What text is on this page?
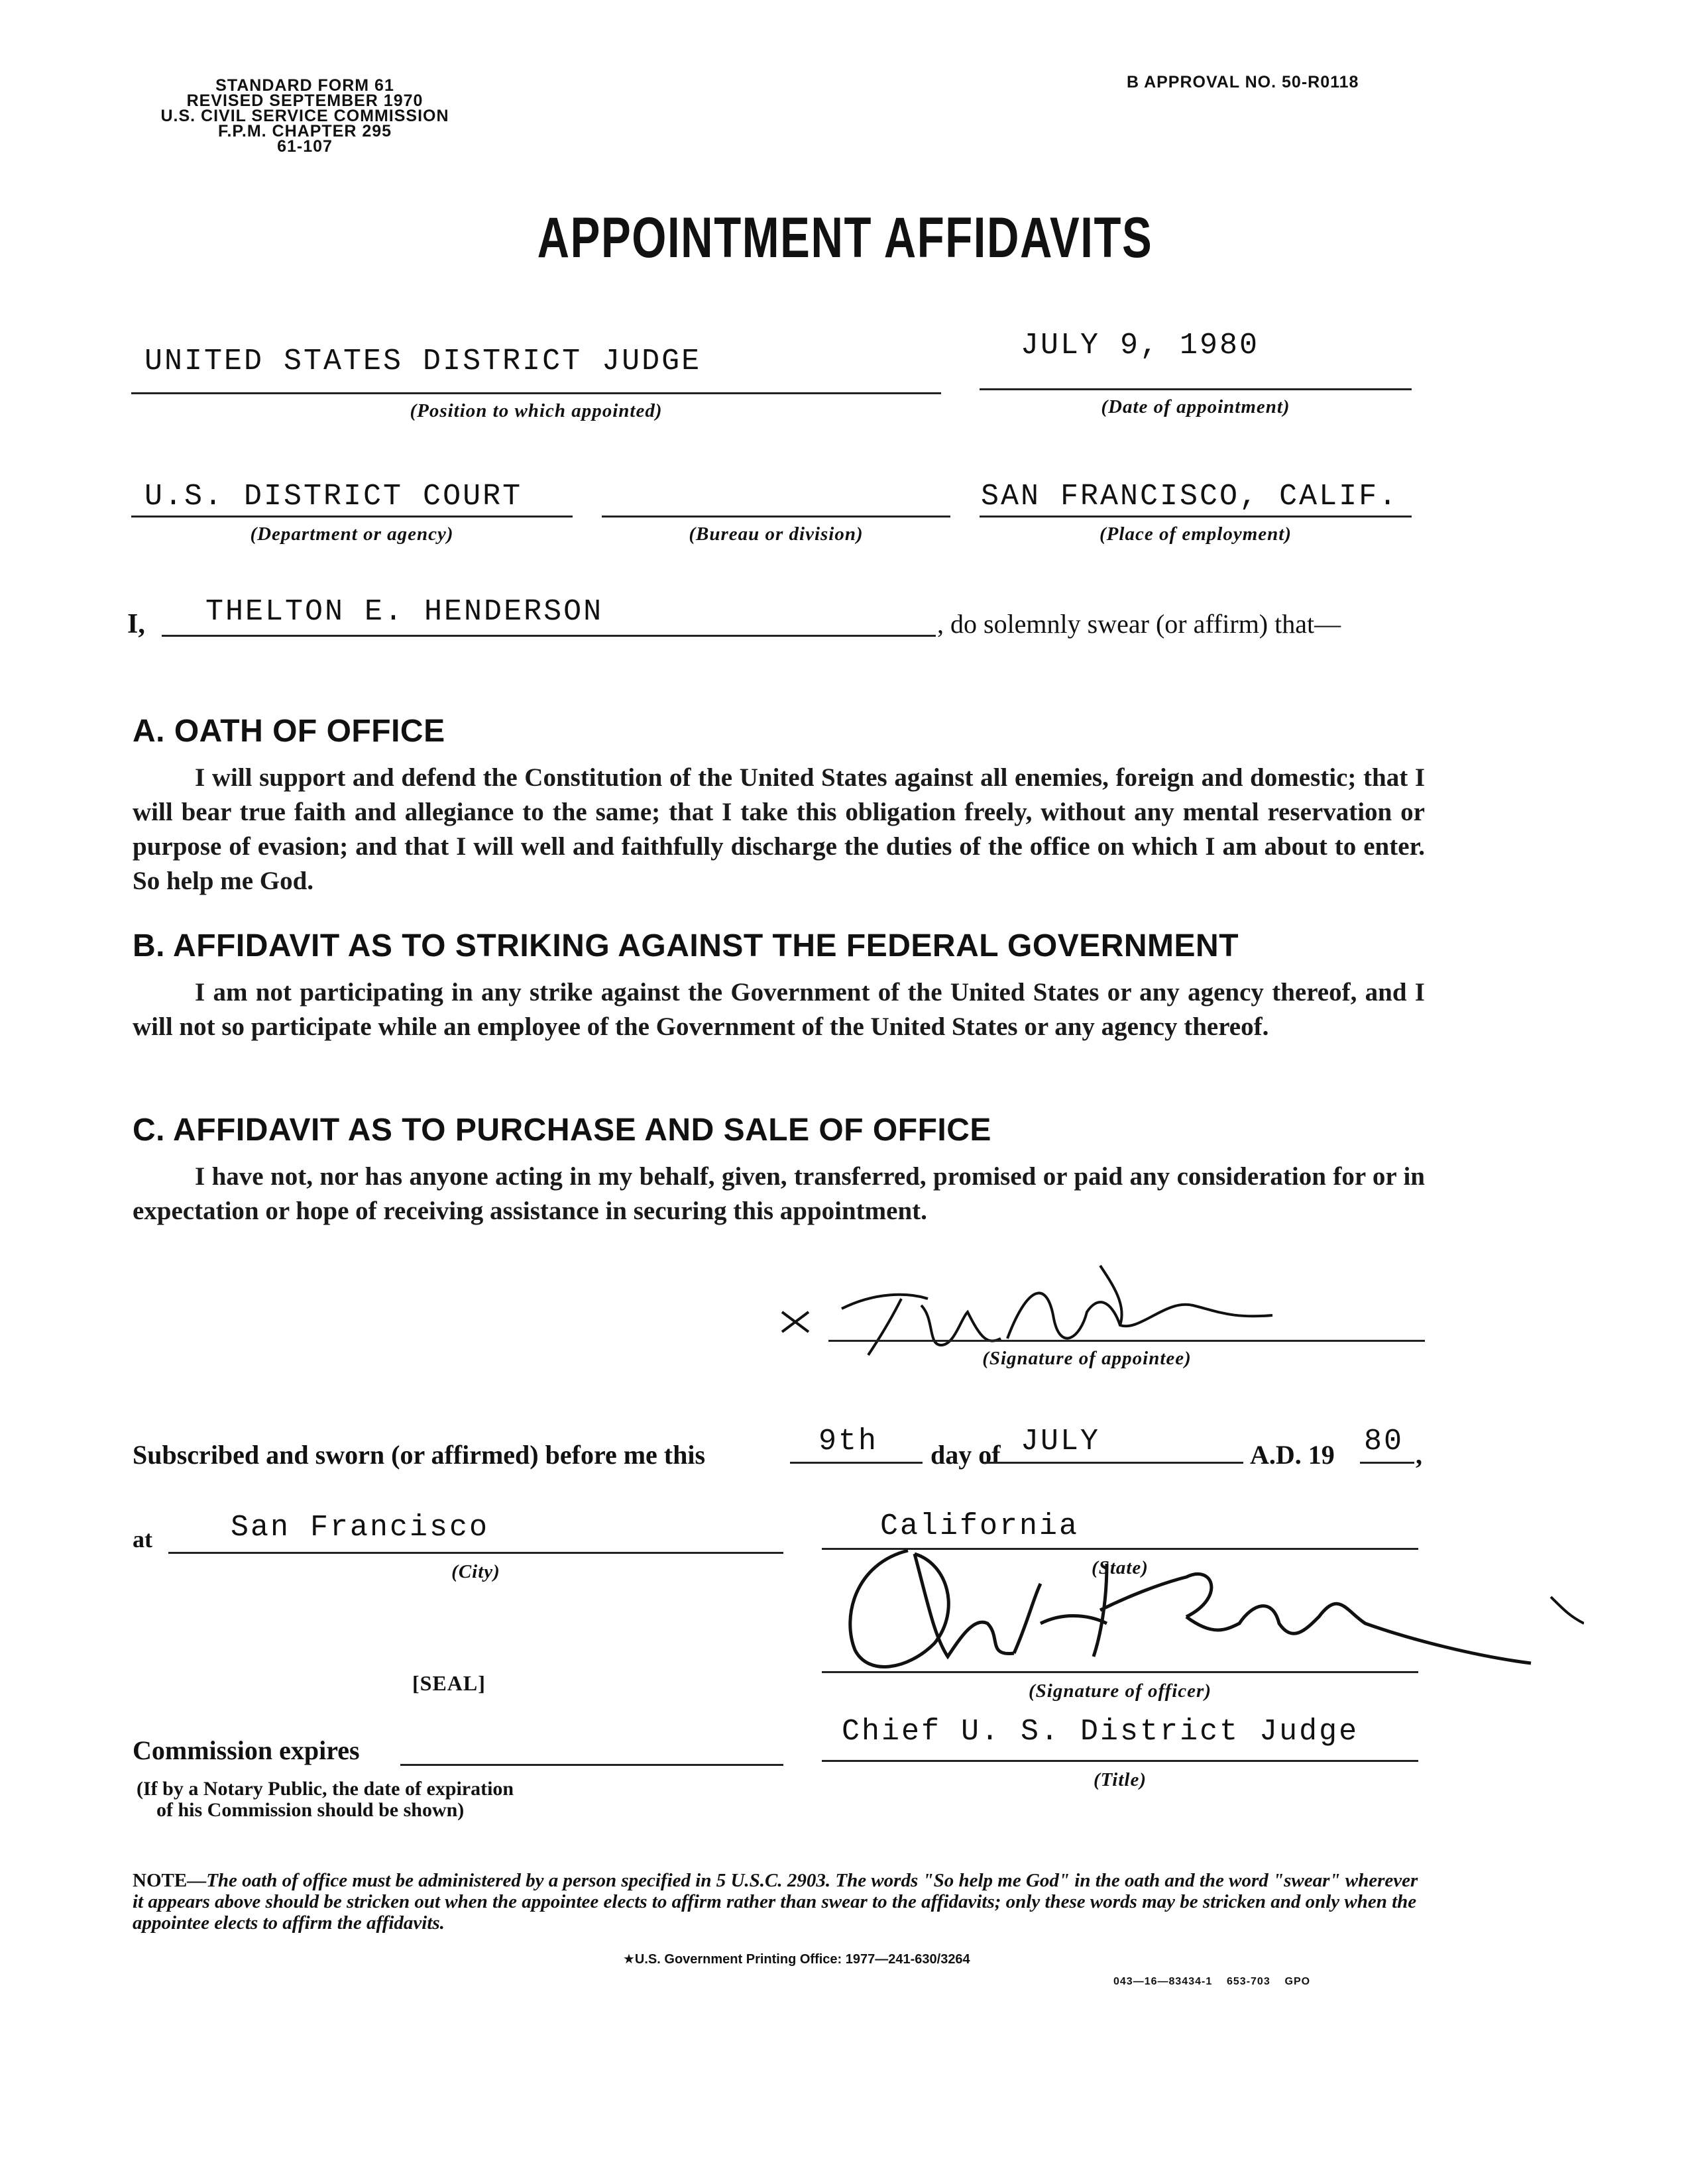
STANDARD FORM 61
REVISED SEPTEMBER 1970
U.S. CIVIL SERVICE COMMISSION
F.P.M. CHAPTER 295
61-107
B APPROVAL NO. 50-R0118
APPOINTMENT AFFIDAVITS
UNITED STATES DISTRICT JUDGE
(Position to which appointed)
JULY 9, 1980
(Date of appointment)
U.S. DISTRICT COURT
(Department or agency)	(Bureau or division)
SAN FRANCISCO, CALIF.
(Place of employment)
I, THELTON E. HENDERSON	, do solemnly swear (or affirm) that—
A. OATH OF OFFICE
I will support and defend the Constitution of the United States against all enemies, foreign and domestic; that I will bear true faith and allegiance to the same; that I take this obligation freely, without any mental reservation or purpose of evasion; and that I will well and faithfully discharge the duties of the office on which I am about to enter. So help me God.
B. AFFIDAVIT AS TO STRIKING AGAINST THE FEDERAL GOVERNMENT
I am not participating in any strike against the Government of the United States or any agency thereof, and I will not so participate while an employee of the Government of the United States or any agency thereof.
C. AFFIDAVIT AS TO PURCHASE AND SALE OF OFFICE
I have not, nor has anyone acting in my behalf, given, transferred, promised or paid any consideration for or in expectation or hope of receiving assistance in securing this appointment.
(Signature of appointee)
Subscribed and sworn (or affirmed) before me this	9th day of JULY	A.D. 19 80 ,
at	San Francisco
(City)
California
(State)
(Signature of officer)
[SEAL]
Chief U. S. District Judge
(Title)
Commission expires
(If by a Notary Public, the date of expiration
of his Commission should be shown)
NOTE—The oath of office must be administered by a person specified in 5 U.S.C. 2903. The words "So help me God" in the oath and the word "swear" wherever it appears above should be stricken out when the appointee elects to affirm rather than swear to the affidavits; only these words may be stricken and only when the appointee elects to affirm the affidavits.
★U.S. Government Printing Office: 1977—241-630/3264
043—16—83434-1    653-703    GPO
